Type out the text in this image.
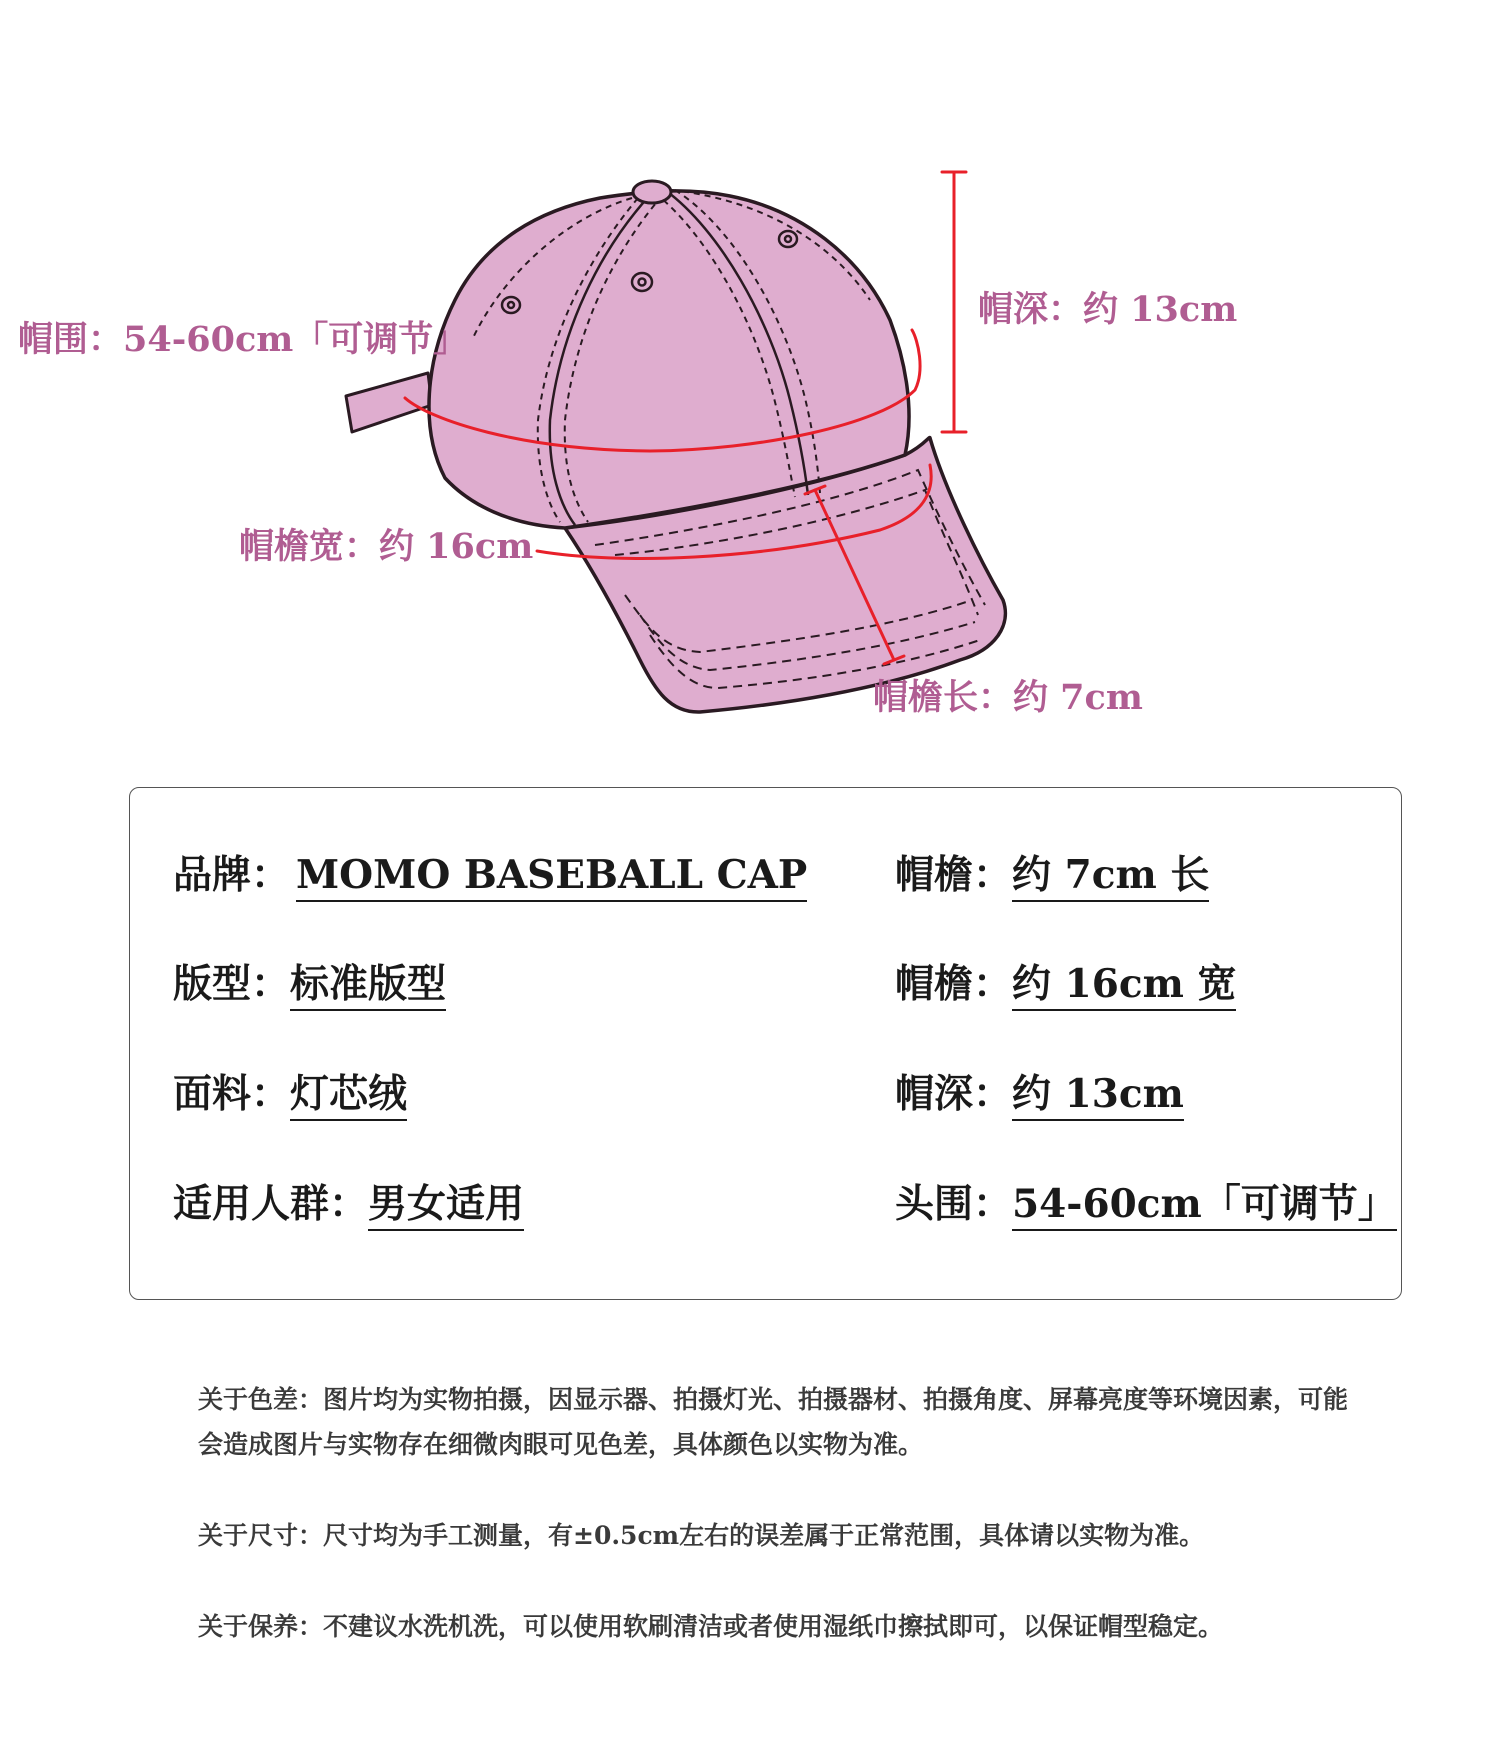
帽围：54-60cm「可调节」
帽深：约 13cm
帽檐宽：约 16cm
帽檐长：约 7cm
品牌： MOMO BASEBALL CAP
版型：标准版型
面料：灯芯绒
适用人群：男女适用
帽檐：约 7cm 长
帽檐：约 16cm 宽
帽深：约 13cm
头围：54-60cm「可调节」
关于色差：图片均为实物拍摄，因显示器、拍摄灯光、拍摄器材、拍摄角度、屏幕亮度等环境因素，可能会造成图片与实物存在细微肉眼可见色差，具体颜色以实物为准。
关于尺寸：尺寸均为手工测量，有±0.5cm左右的误差属于正常范围，具体请以实物为准。
关于保养：不建议水洗机洗，可以使用软刷清洁或者使用湿纸巾擦拭即可，以保证帽型稳定。
